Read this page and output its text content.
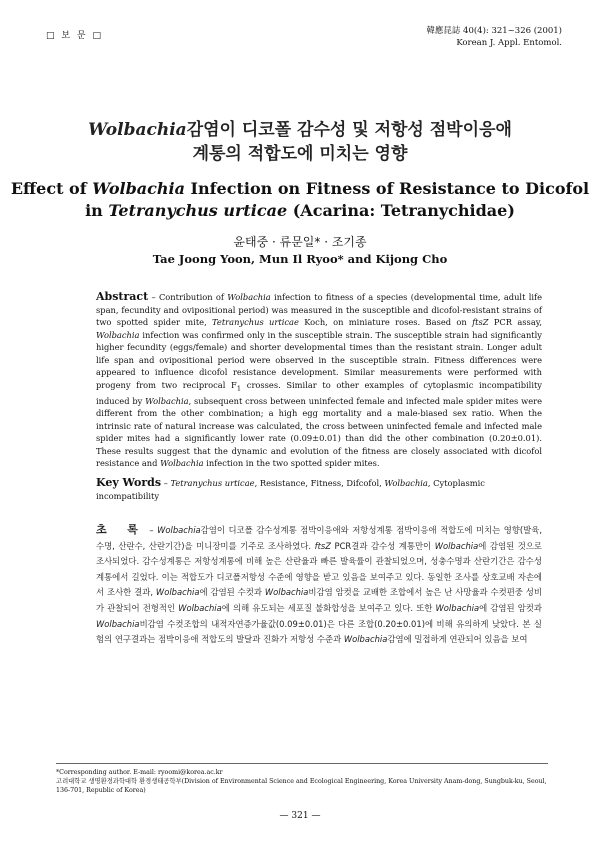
□ 보 문 □	韓應昆誌 40(4): 321~326 (2001)
Korean J. Appl. Entomol.
Wolbachia감염이 디코폴 감수성 및 저항성 점박이응애
계통의 적합도에 미치는 영향
Effect of Wolbachia Infection on Fitness of Resistance to Dicofol
in Tetranychus urticae (Acarina: Tetranychidae)
윤태중 · 류문일* · 조기종
Tae Joong Yoon, Mun Il Ryoo* and Kijong Cho
Abstract – Contribution of Wolbachia infection to fitness of a species (developmental time, adult life span, fecundity and ovipositional period) was measured in the susceptible and dicofol-resistant strains of two spotted spider mite, Tetranychus urticae Koch, on miniature roses. Based on ftsZ PCR assay, Wolbachia infection was confirmed only in the susceptible strain. The susceptible strain had significantly higher fecundity (eggs/female) and shorter developmental times than the resistant strain. Longer adult life span and ovipositional period were observed in the susceptible strain. Fitness differences were appeared to influence dicofol resistance development. Similar measurements were performed with progeny from two reciprocal $F_1$ crosses. Similar to other examples of cytoplasmic incompatibility induced by Wolbachia, subsequent cross between uninfected female and infected male spider mites were different from the other combination; a high egg mortality and a male-biased sex ratio. When the intrinsic rate of natural increase was calculated, the cross between uninfected female and infected male spider mites had a significantly lower rate (0.09±0.01) than did the other combination (0.20±0.01). These results suggest that the dynamic and evolution of the fitness are closely associated with dicofol resistance and Wolbachia infection in the two spotted spider mites.
Key Words – Tetranychus urticae, Resistance, Fitness, Difcofol, Wolbachia, Cytoplasmic incompatibility
초 록 – Wolbachia감염이 디코폴 감수성계통 점박이응애와 저항성계통 점박이응애 적합도에 미치는 영향(발육, 수명, 산란수, 산란기간)을 미니장미를 기주로 조사하였다. ftsZ PCR결과 감수성 계통만이 Wolbachia에 감염된 것으로 조사되었다. 감수성계통은 저항성계통에 비해 높은 산란율과 빠른 발육률이 관찰되었으며, 성충수명과 산란기간은 감수성계통에서 길었다. 이는 적합도가 디코폴저항성 수준에 영향을 받고 있음을 보여주고 있다. 동일한 조사를 상호교배 자손에서 조사한 결과, Wolbachia에 감염된 수컷과 Wolbachia비감염 암컷을 교배한 조합에서 높은 난 사망율과 수컷편중 성비가 관찰되어 전형적인 Wolbachia에 의해 유도되는 세포질 불화합성을 보여주고 있다. 또한 Wolbachia에 감염된 암컷과 Wolbachia비감염 수컷조합의 내적자연증가율값(0.09±0.01)은 다른 조합(0.20±0.01)에 비해 유의하게 낮았다. 본 실험의 연구결과는 점박이응애 적합도의 발달과 진화가 저항성 수준과 Wolbachia감염에 밀접하게 연관되어 있음을 보여
*Corresponding author. E-mail: ryoomi@korea.ac.kr
고려대학교 생명환경과학대학 환경생태공학부(Division of Environmental Science and Ecological Engineering, Korea University Anam-dong, Sungbuk-ku, Seoul, 136-701, Republic of Korea)
— 321 —
